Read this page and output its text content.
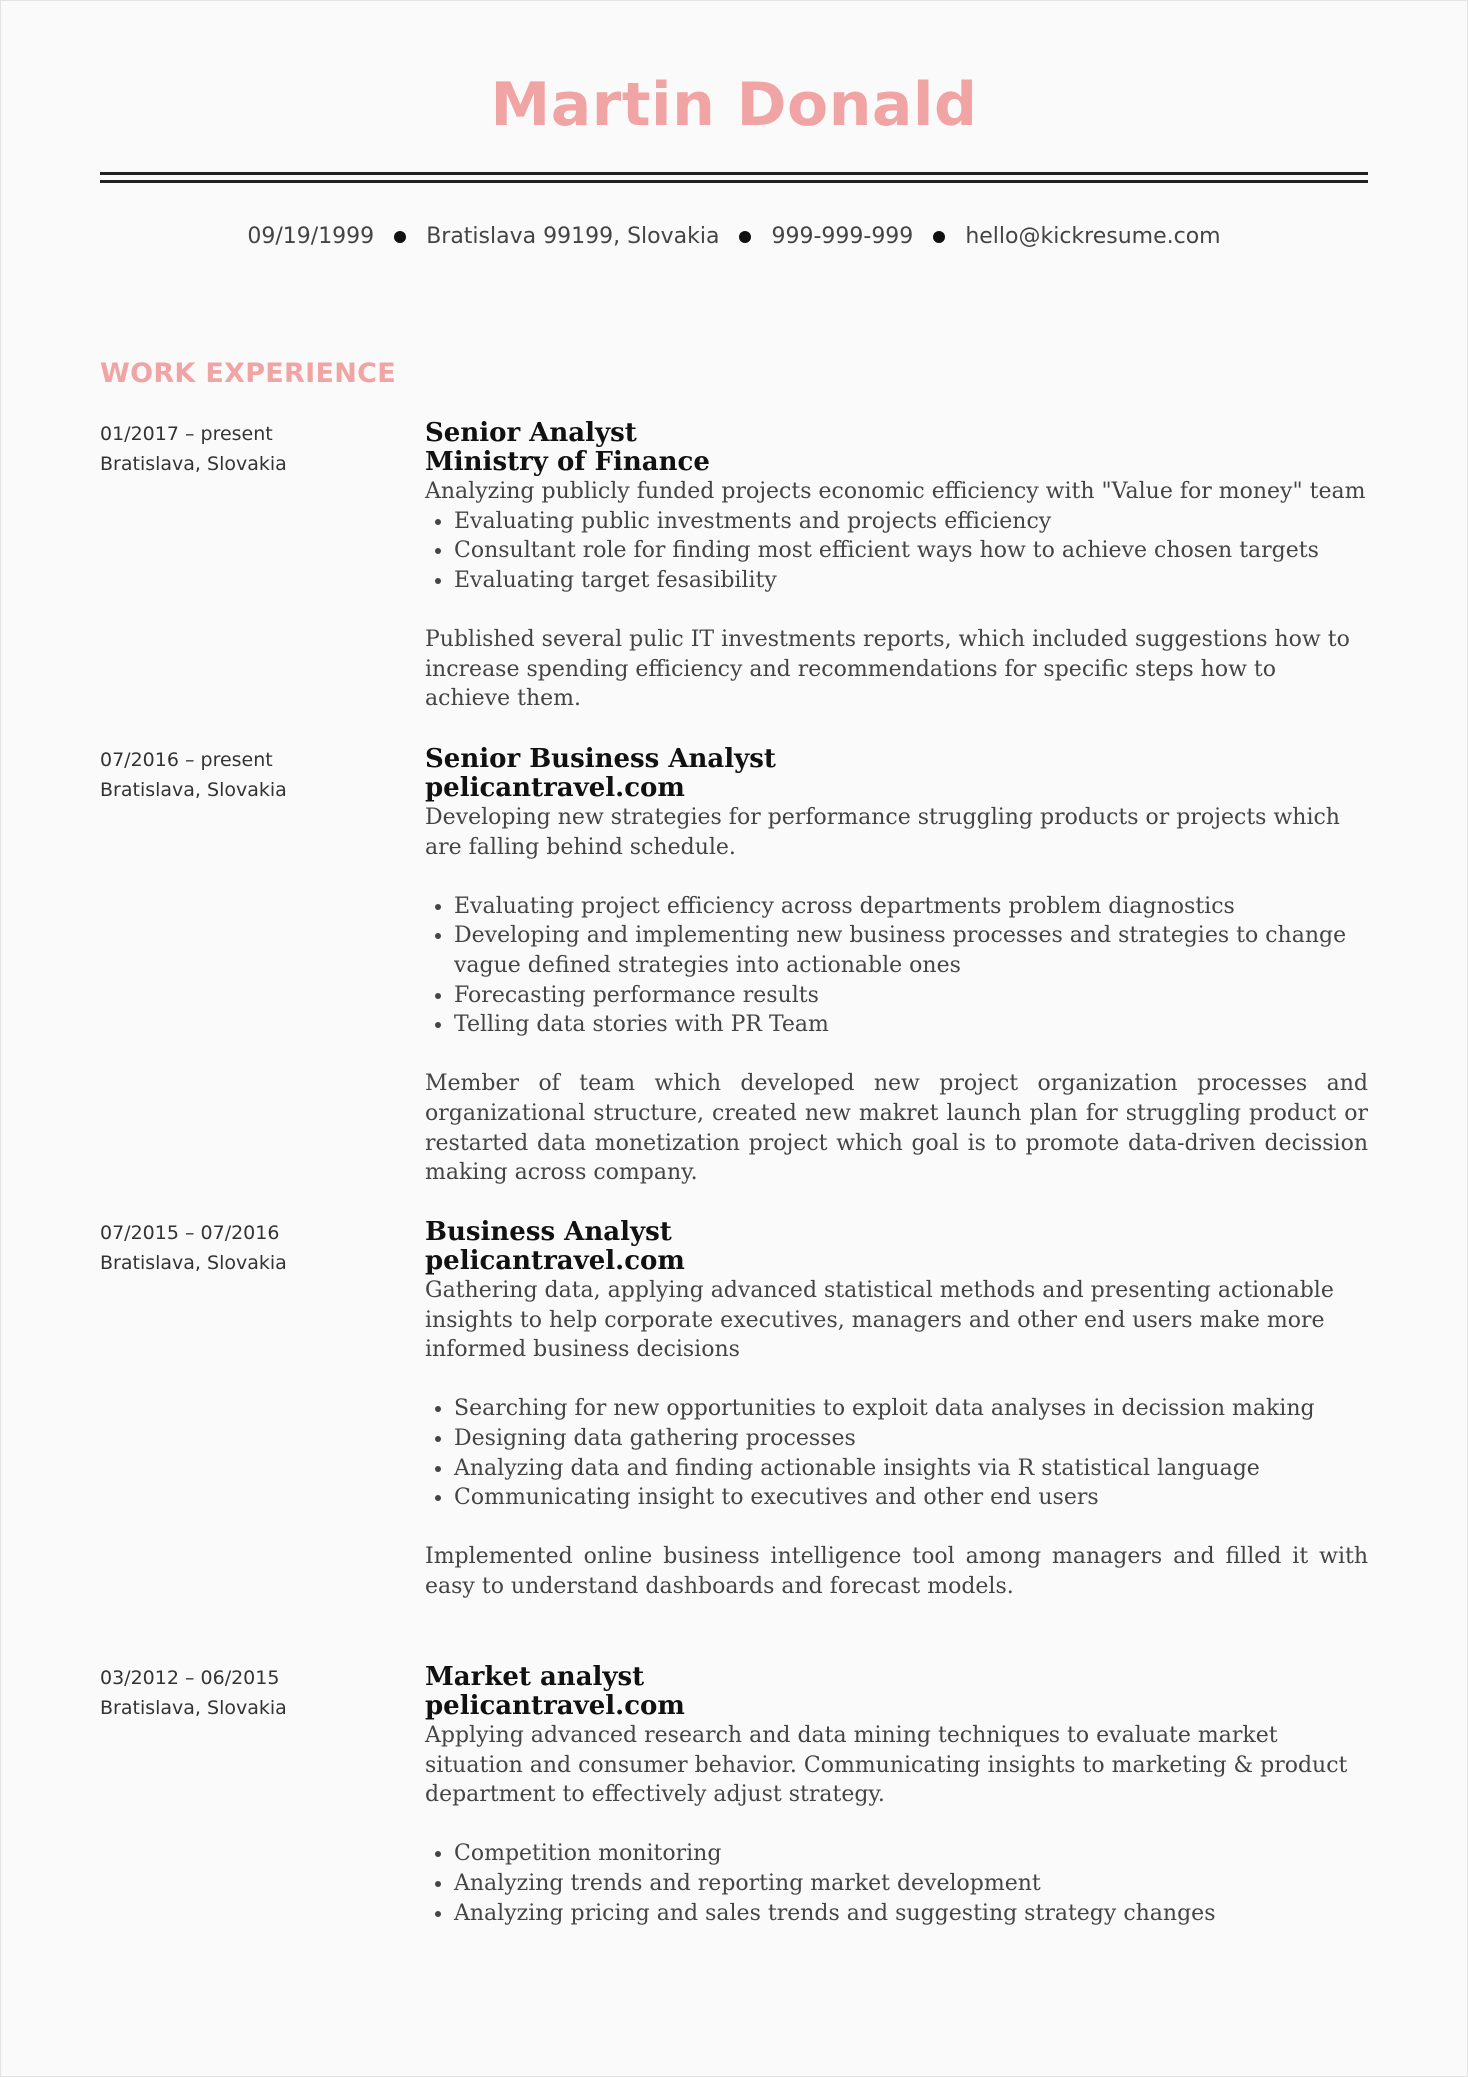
Martin Donald
09/19/1999 Bratislava 99199, Slovakia 999-999-999 hello@kickresume.com
WORK EXPERIENCE
01/2017 – present
Bratislava, Slovakia
Senior Analyst
Ministry of Finance

Analyzing publicly funded projects economic efficiency with "Value for money" team

• Evaluating public investments and projects efficiency
• Consultant role for finding most efficient ways how to achieve chosen targets
• Evaluating target fesasibility

Published several pulic IT investments reports, which included suggestions how to increase spending efficiency and recommendations for specific steps how to achieve them.

07/2016 – present
Bratislava, Slovakia
Senior Business Analyst
pelicantravel.com

Developing new strategies for performance struggling products or projects which are falling behind schedule.

• Evaluating project efficiency across departments problem diagnostics
• Developing and implementing new business processes and strategies to change vague defined strategies into actionable ones
• Forecasting performance results
• Telling data stories with PR Team

Member of team which developed new project organization processes and organizational structure, created new makret launch plan for struggling product or restarted data monetization project which goal is to promote data-driven decission making across company.

07/2015 – 07/2016
Bratislava, Slovakia
Business Analyst
pelicantravel.com

Gathering data, applying advanced statistical methods and presenting actionable insights to help corporate executives, managers and other end users make more informed business decisions

• Searching for new opportunities to exploit data analyses in decission making
• Designing data gathering processes
• Analyzing data and finding actionable insights via R statistical language
• Communicating insight to executives and other end users

Implemented online business intelligence tool among managers and filled it with easy to understand dashboards and forecast models.

03/2012 – 06/2015
Bratislava, Slovakia
Market analyst
pelicantravel.com

Applying advanced research and data mining techniques to evaluate market situation and consumer behavior. Communicating insights to marketing & product department to effectively adjust strategy.

• Competition monitoring
• Analyzing trends and reporting market development
• Analyzing pricing and sales trends and suggesting strategy changes
